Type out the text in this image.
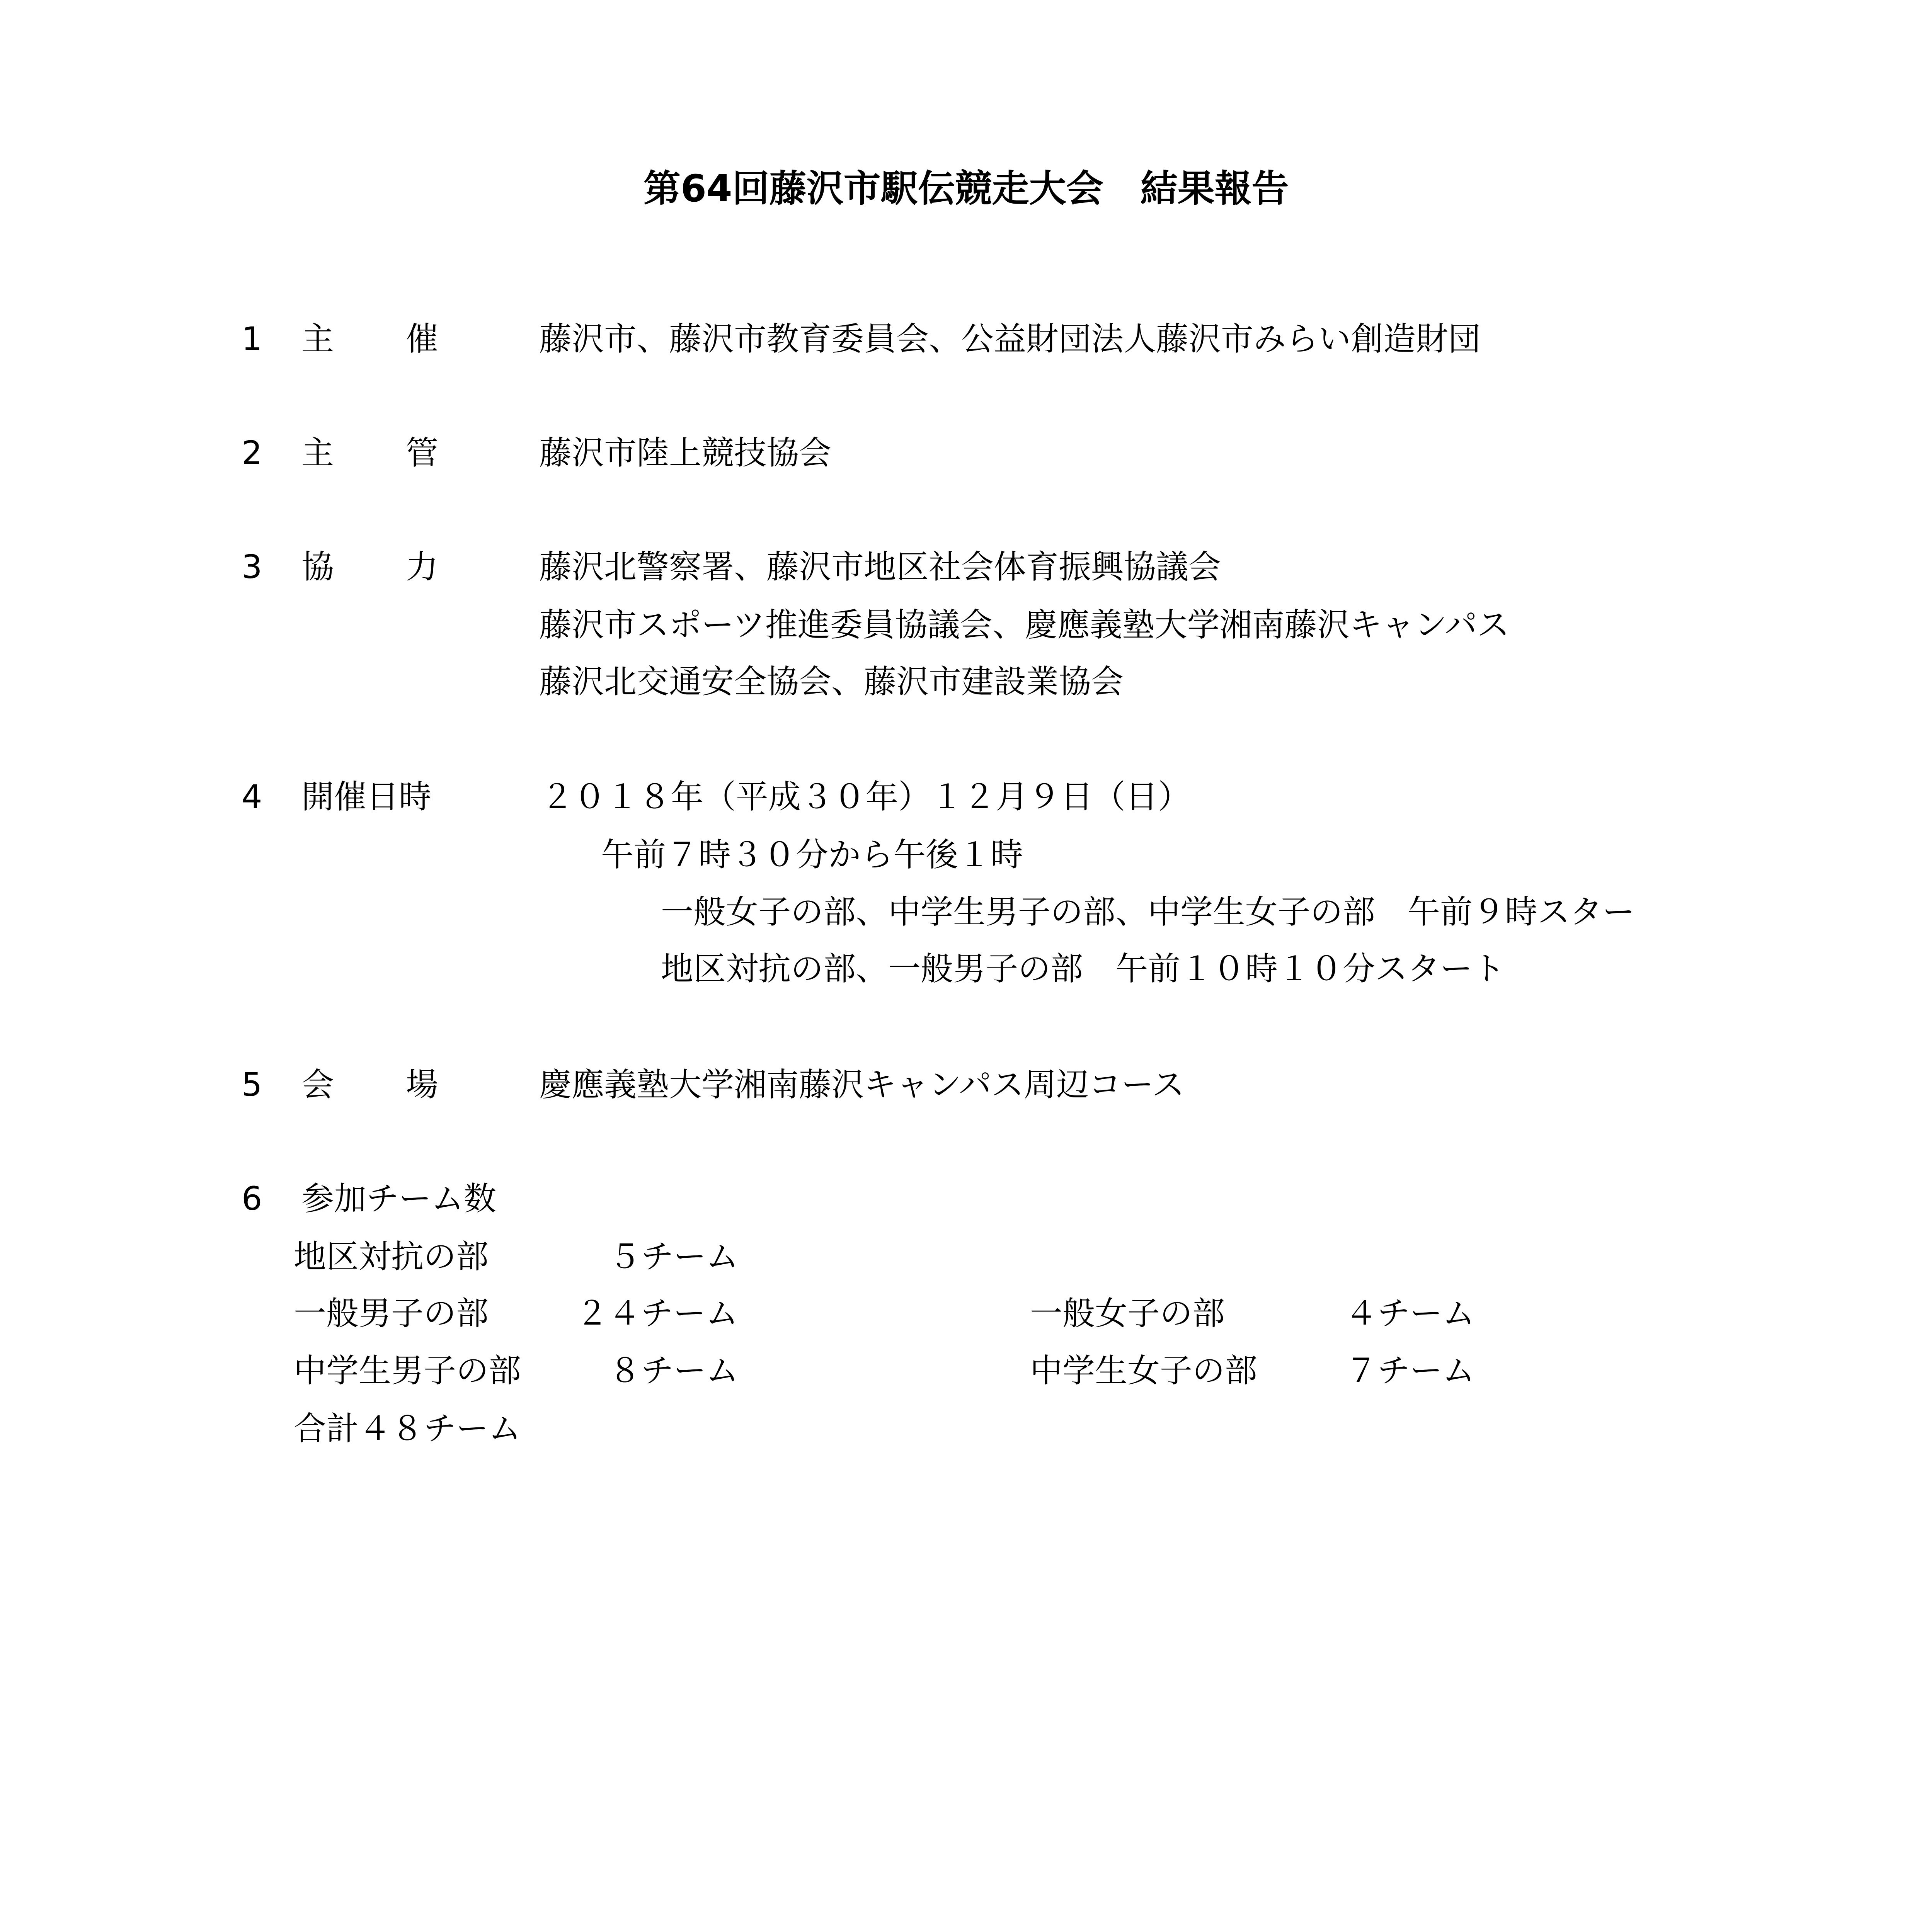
第64回藤沢市駅伝競走大会　結果報告
1 主 催	藤沢市、藤沢市教育委員会、公益財団法人藤沢市みらい創造財団
2 主 管	藤沢市陸上競技協会
3 協 力	藤沢北警察署、藤沢市地区社会体育振興協議会
藤沢市スポーツ推進委員協議会、慶應義塾大学湘南藤沢キャンパス
藤沢北交通安全協会、藤沢市建設業協会
4 開催日時	２０１８年（平成３０年）１２月９日（日）
午前７時３０分から午後１時
一般女子の部、中学生男子の部、中学生女子の部　午前９時スター
地区対抗の部、一般男子の部　午前１０時１０分スタート
5 会 場	慶應義塾大学湘南藤沢キャンパス周辺コース
6 参加チーム数
地区対抗の部	５チーム
一般男子の部	２４チーム	一般女子の部	４チーム
中学生男子の部	８チーム	中学生女子の部	７チーム
合計４８チーム
